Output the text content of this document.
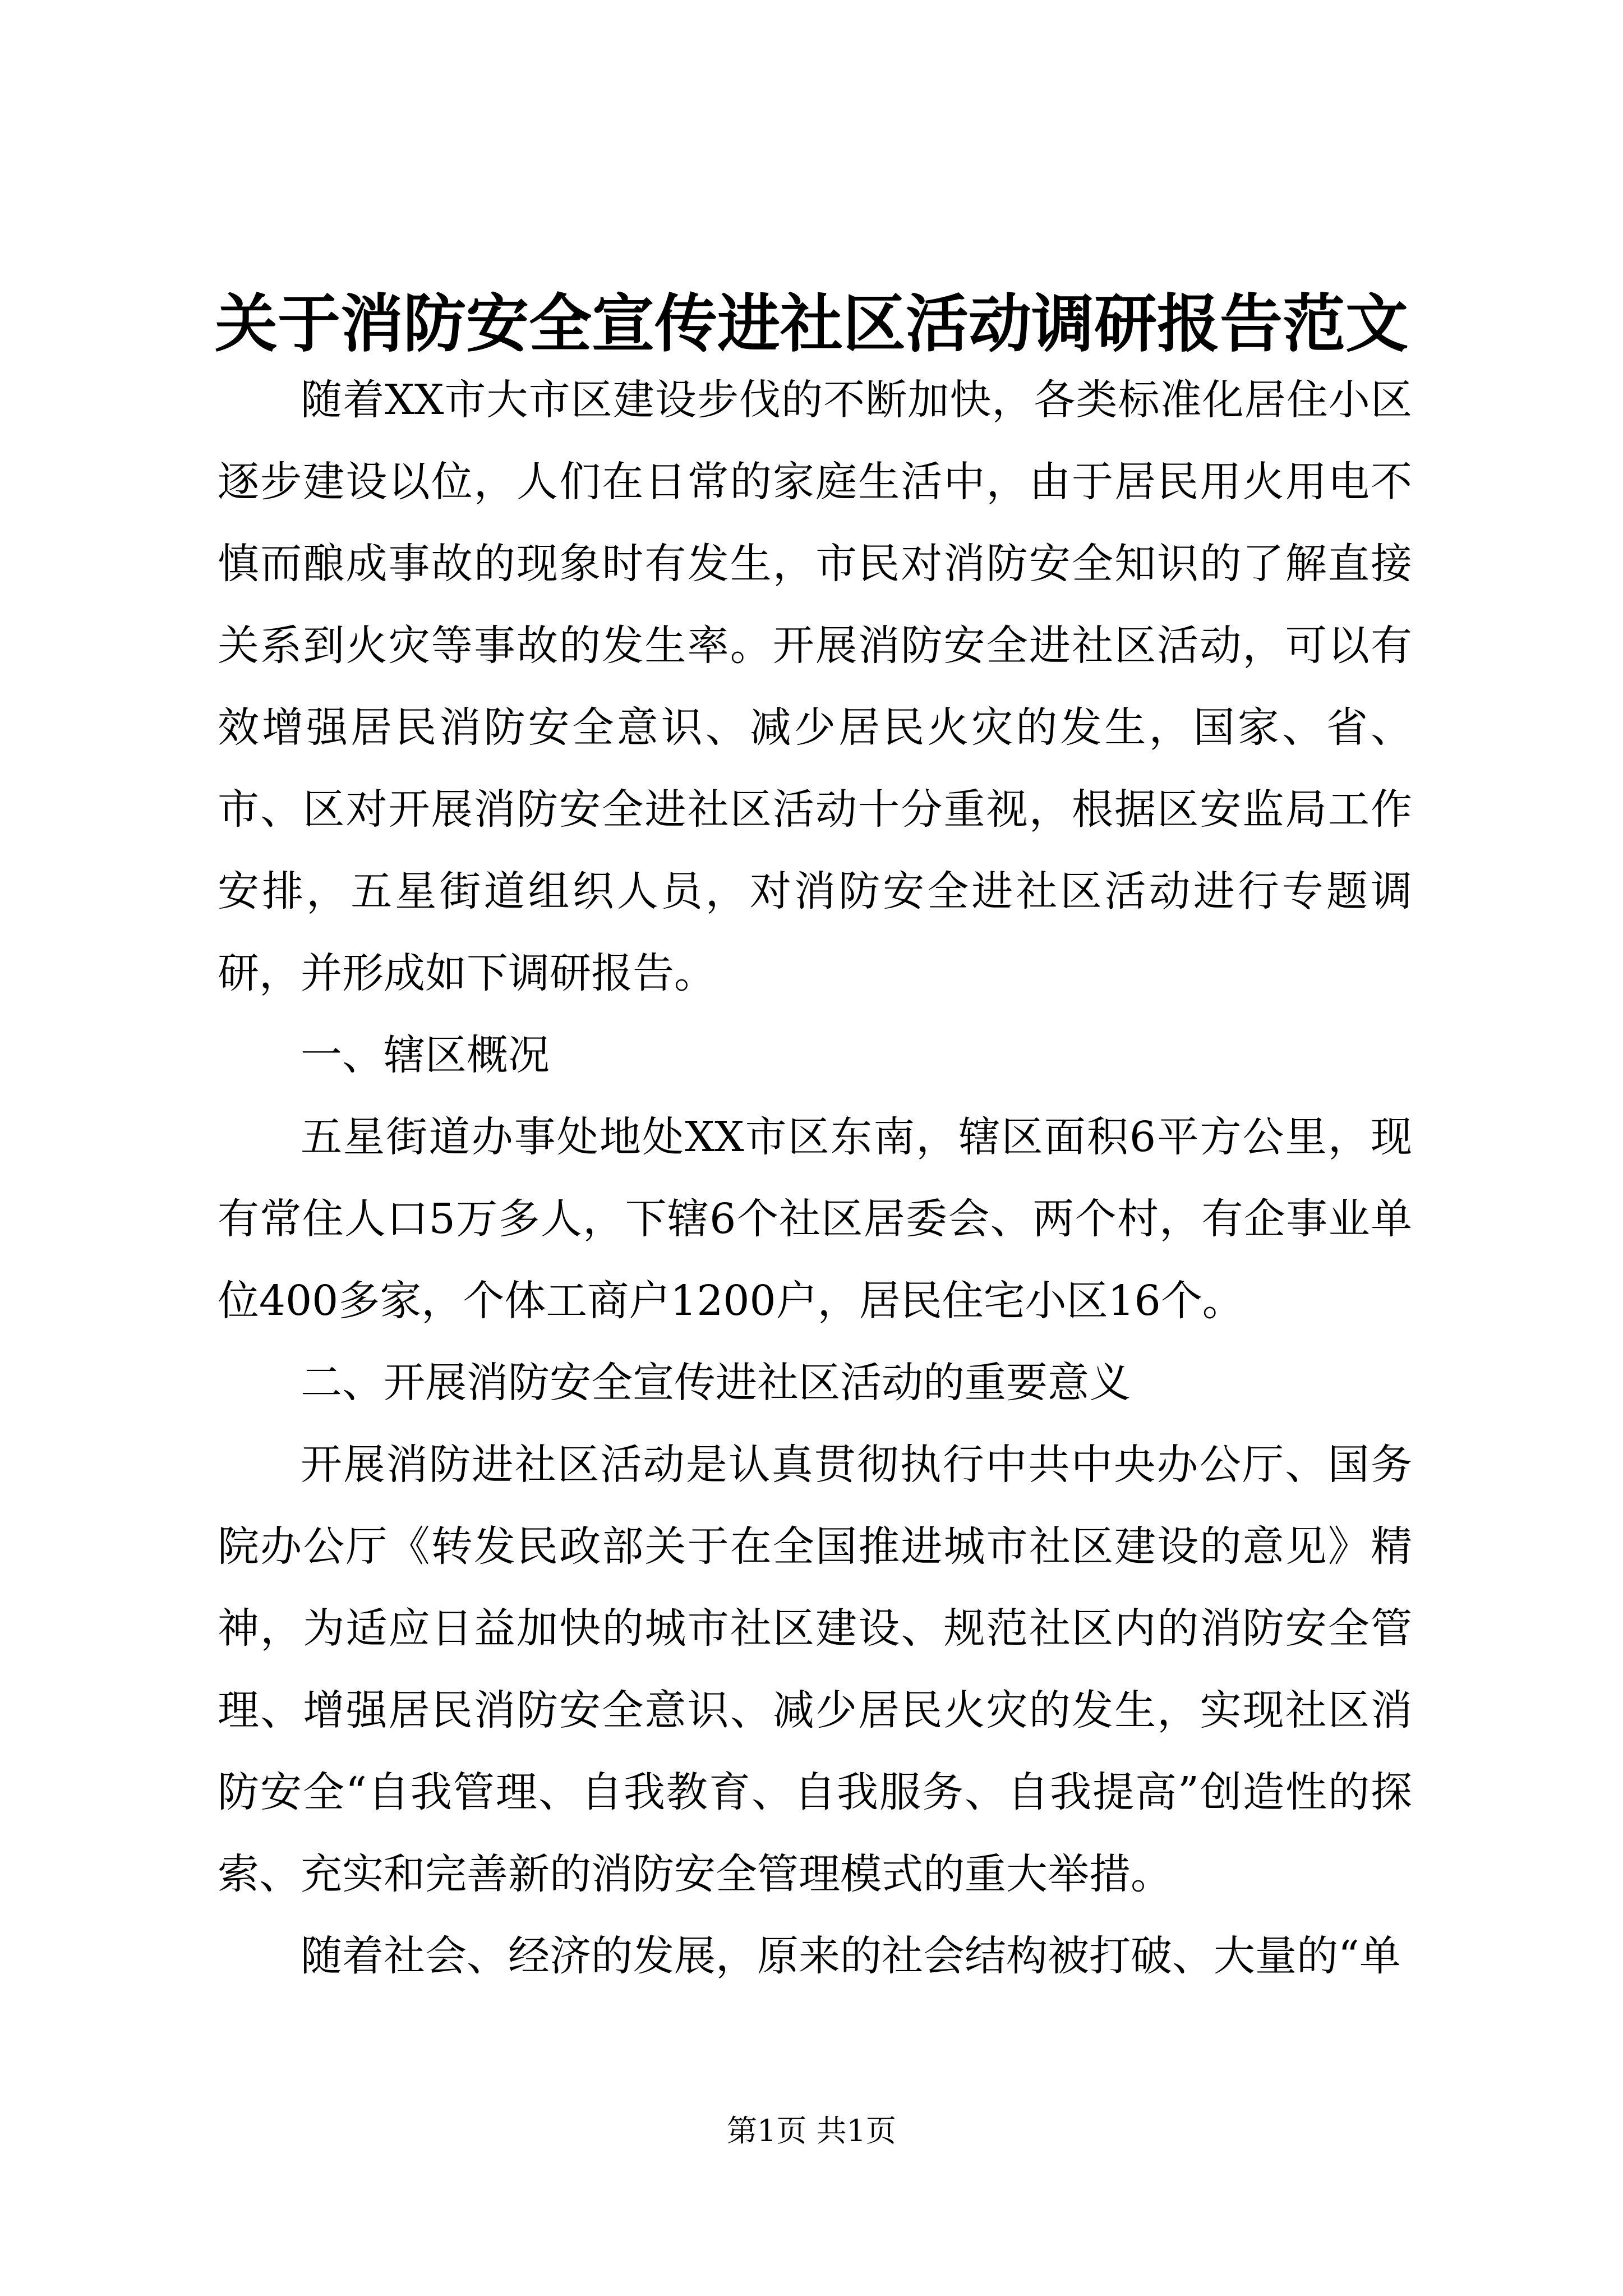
关于消防安全宣传进社区活动调研报告范文

随着XX市大市区建设步伐的不断加快，各类标准化居住小区逐步建设以位，人们在日常的家庭生活中，由于居民用火用电不慎而酿成事故的现象时有发生，市民对消防安全知识的了解直接关系到火灾等事故的发生率。开展消防安全进社区活动，可以有效增强居民消防安全意识、减少居民火灾的发生，国家、省、市、区对开展消防安全进社区活动十分重视，根据区安监局工作安排，五星街道组织人员，对消防安全进社区活动进行专题调研，并形成如下调研报告。

一、辖区概况

五星街道办事处地处XX市区东南，辖区面积6平方公里，现有常住人口5万多人，下辖6个社区居委会、两个村，有企事业单位400多家，个体工商户1200户，居民住宅小区16个。

二、开展消防安全宣传进社区活动的重要意义

开展消防进社区活动是认真贯彻执行中共中央办公厅、国务院办公厅《转发民政部关于在全国推进城市社区建设的意见》精神，为适应日益加快的城市社区建设、规范社区内的消防安全管理、增强居民消防安全意识、减少居民火灾的发生，实现社区消防安全“自我管理、自我教育、自我服务、自我提高”创造性的探索、充实和完善新的消防安全管理模式的重大举措。

随着社会、经济的发展，原来的社会结构被打破、大量的“单

第1页 共1页
